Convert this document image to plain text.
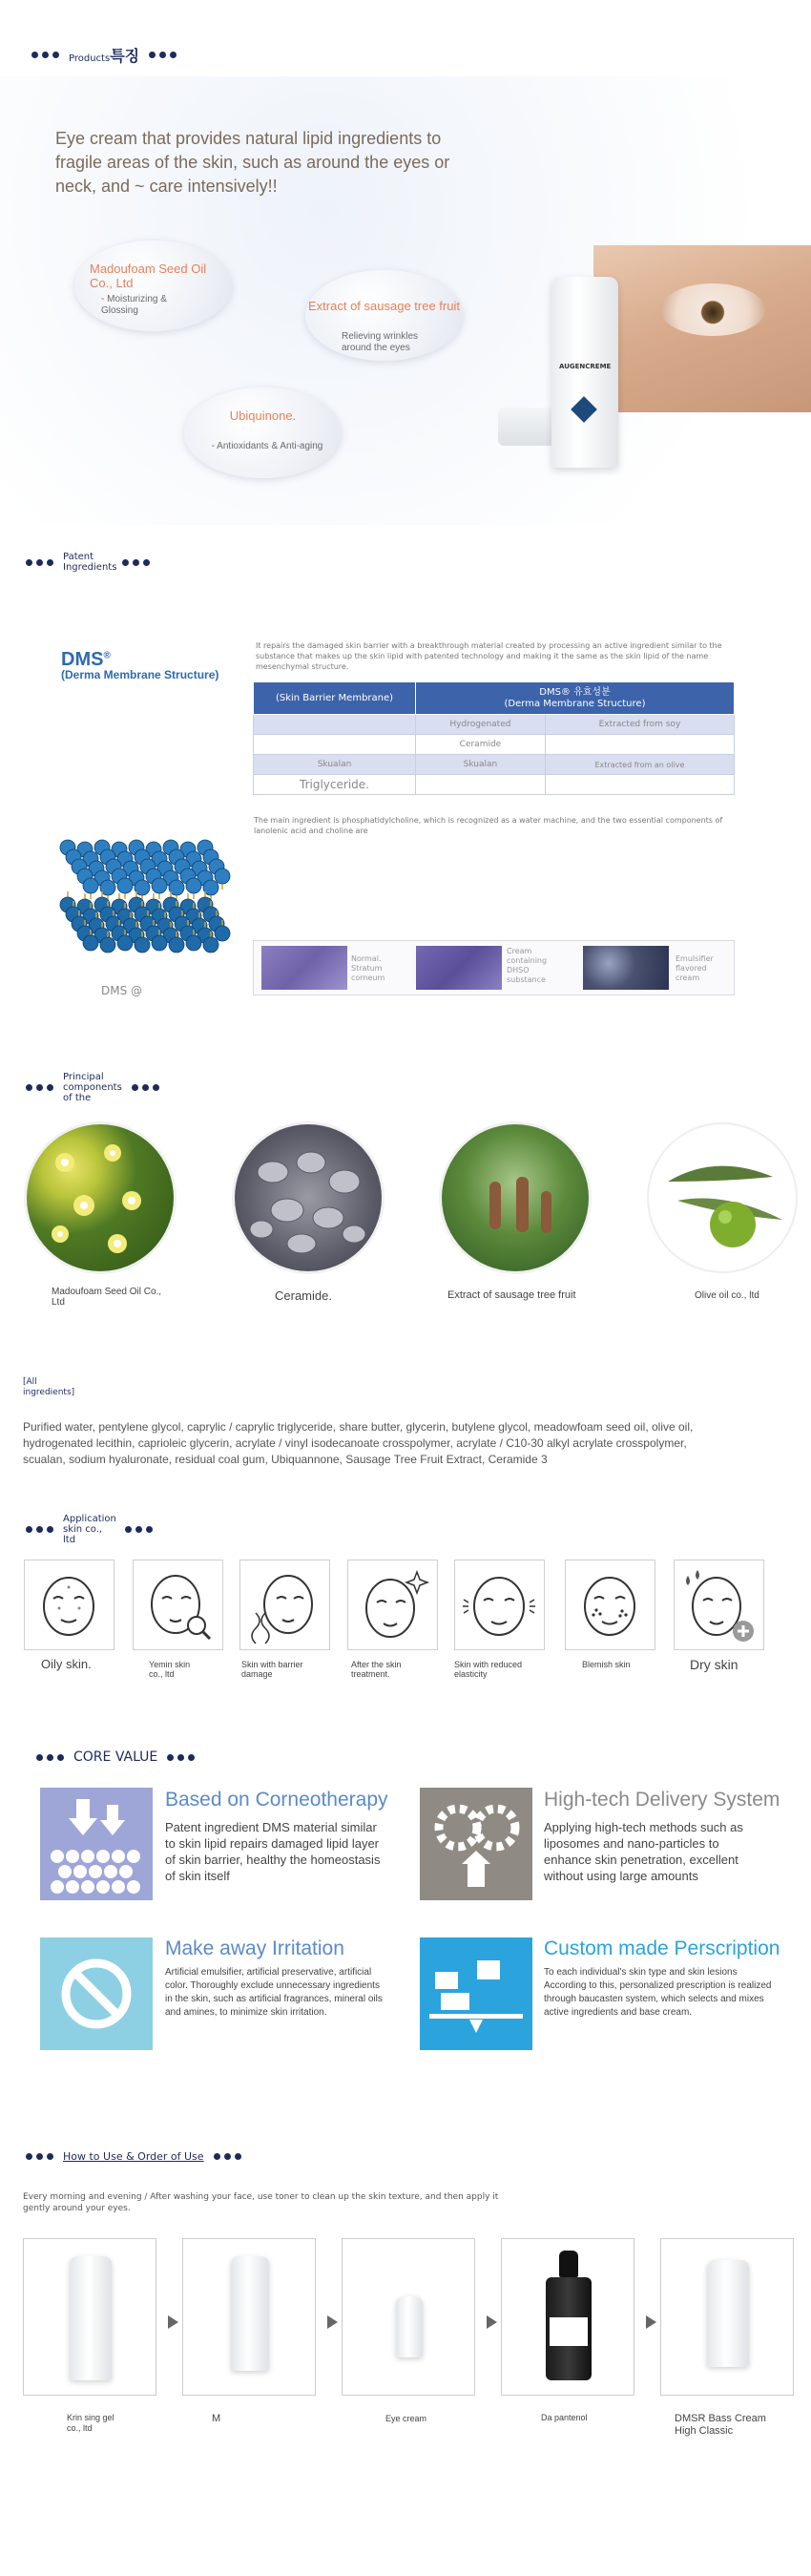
Products특징
Eye cream that provides natural lipid ingredients to fragile areas of the skin, such as around the eyes or neck, and ~ care intensively!!
Madoufoam Seed Oil Co., Ltd
- Moisturizing & Glossing	Extract of sausage tree fruit
Relieving wrinkles around the eyes
Ubiquinone.
- Antioxidants & Anti-aging
AUGENCREME
Patent Ingredients
DMS®
(Derma Membrane Structure)
It repairs the damaged skin barrier with a breakthrough material created by processing an active ingredient similar to the substance that makes up the skin lipid with patented technology and making it the same as the skin lipid of the name mesenchymal structure.
(Skin Barrier Membrane)	DMS® 유효성분
(Derma Membrane Structure)	
	Hydrogenated	Extracted from soy
	Ceramide	
Skualan	Skualan	Extracted from an olive
Triglyceride.		
The main ingredient is phosphatidylcholine, which is recognized as a water machine, and the two essential components of lanolenic acid and choline are
DMS @
Normal. Stratum corneum
Cream containing DHSO substance
Emulsifier flavored cream
Principal components of the
Madoufoam Seed Oil Co., Ltd	Ceramide.	Extract of sausage tree fruit	Olive oil co., ltd
[All ingredients]
Purified water, pentylene glycol, caprylic / caprylic triglyceride, share butter, glycerin, butylene glycol, meadowfoam seed oil, olive oil, hydrogenated lecithin, caprioleic glycerin, acrylate / vinyl isodecanoate crosspolymer, acrylate / C10-30 alkyl acrylate crosspolymer, scualan, sodium hyaluronate, residual coal gum, Ubiquannone, Sausage Tree Fruit Extract, Ceramide 3
Application skin co., ltd
Oily skin.	Yemin skin co., ltd
Skin with barrier damage
After the skin treatment.
Skin with reduced elasticity
Blemish skin	Dry skin
CORE VALUE
Based on Corneotherapy
Patent ingredient DMS material similar to skin lipid repairs damaged lipid layer of skin barrier, healthy the homeostasis of skin itself
High-tech Delivery System
Applying high-tech methods such as liposomes and nano-particles to enhance skin penetration, excellent without using large amounts
Make away Irritation
Artificial emulsifier, artificial preservative, artificial color. Thoroughly exclude unnecessary ingredients in the skin, such as artificial fragrances, mineral oils and amines, to minimize skin irritation.
Custom made Perscription
To each individual's skin type and skin lesions According to this, personalized prescription is realized through baucasten system, which selects and mixes active ingredients and base cream.
How to Use & Order of Use
Every morning and evening / After washing your face, use toner to clean up the skin texture, and then apply it gently around your eyes.
Krin sing gel co., ltd
M	Eye cream	Da pantenol	DMSR Bass Cream High Classic
